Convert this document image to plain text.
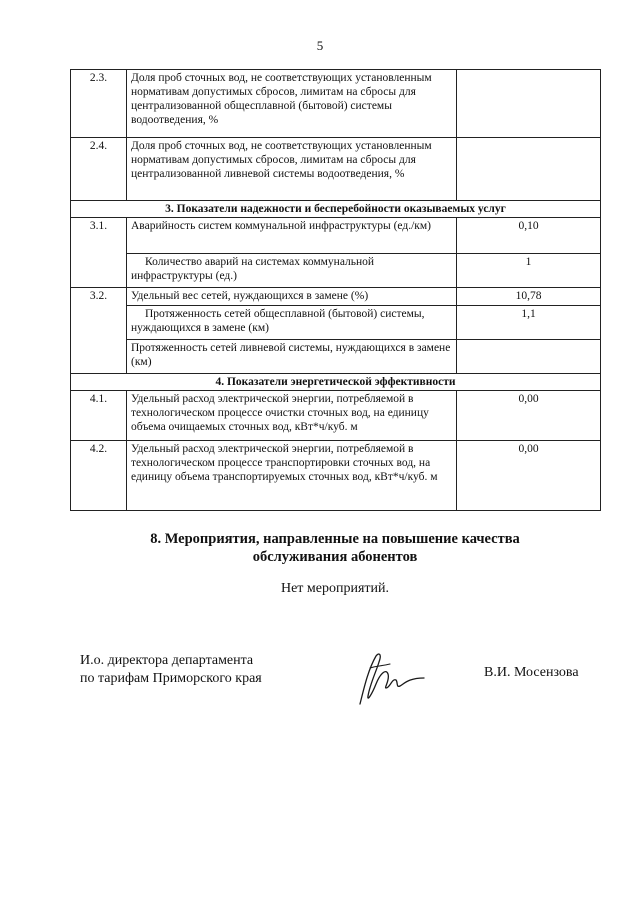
5
2.3.	Доля проб сточных вод, не соответствующих установленным нормативам допустимых сбросов, лимитам на сбросы для централизованной общесплавной (бытовой) системы водоотведения, %	
2.4.	Доля проб сточных вод, не соответствующих установленным нормативам допустимых сбросов, лимитам на сбросы для централизованной ливневой системы водоотведения, %	
3. Показатели надежности и бесперебойности оказываемых услуг		
3.1.	Аварийность систем коммунальной инфраструктуры (ед./км)	0,10
	Количество аварий на системах коммунальной инфраструктуры (ед.)	1
3.2.	Удельный вес сетей, нуждающихся в замене (%)	10,78
	Протяженность сетей общесплавной (бытовой) системы, нуждающихся в замене (км)	1,1
	Протяженность сетей ливневой системы, нуждающихся в замене (км)	
4. Показатели энергетической эффективности		
4.1.	Удельный расход электрической энергии, потребляемой в технологическом процессе очистки сточных вод, на единицу объема очищаемых сточных вод, кВт*ч/куб. м	0,00
4.2.	Удельный расход электрической энергии, потребляемой в технологическом процессе транспортировки сточных вод, на единицу объема транспортируемых сточных вод, кВт*ч/куб. м	0,00
8. Мероприятия, направленные на повышение качества
обслуживания абонентов
Нет мероприятий.
И.о. директора департамента
по тарифам Приморского края	В.И. Мосензова
